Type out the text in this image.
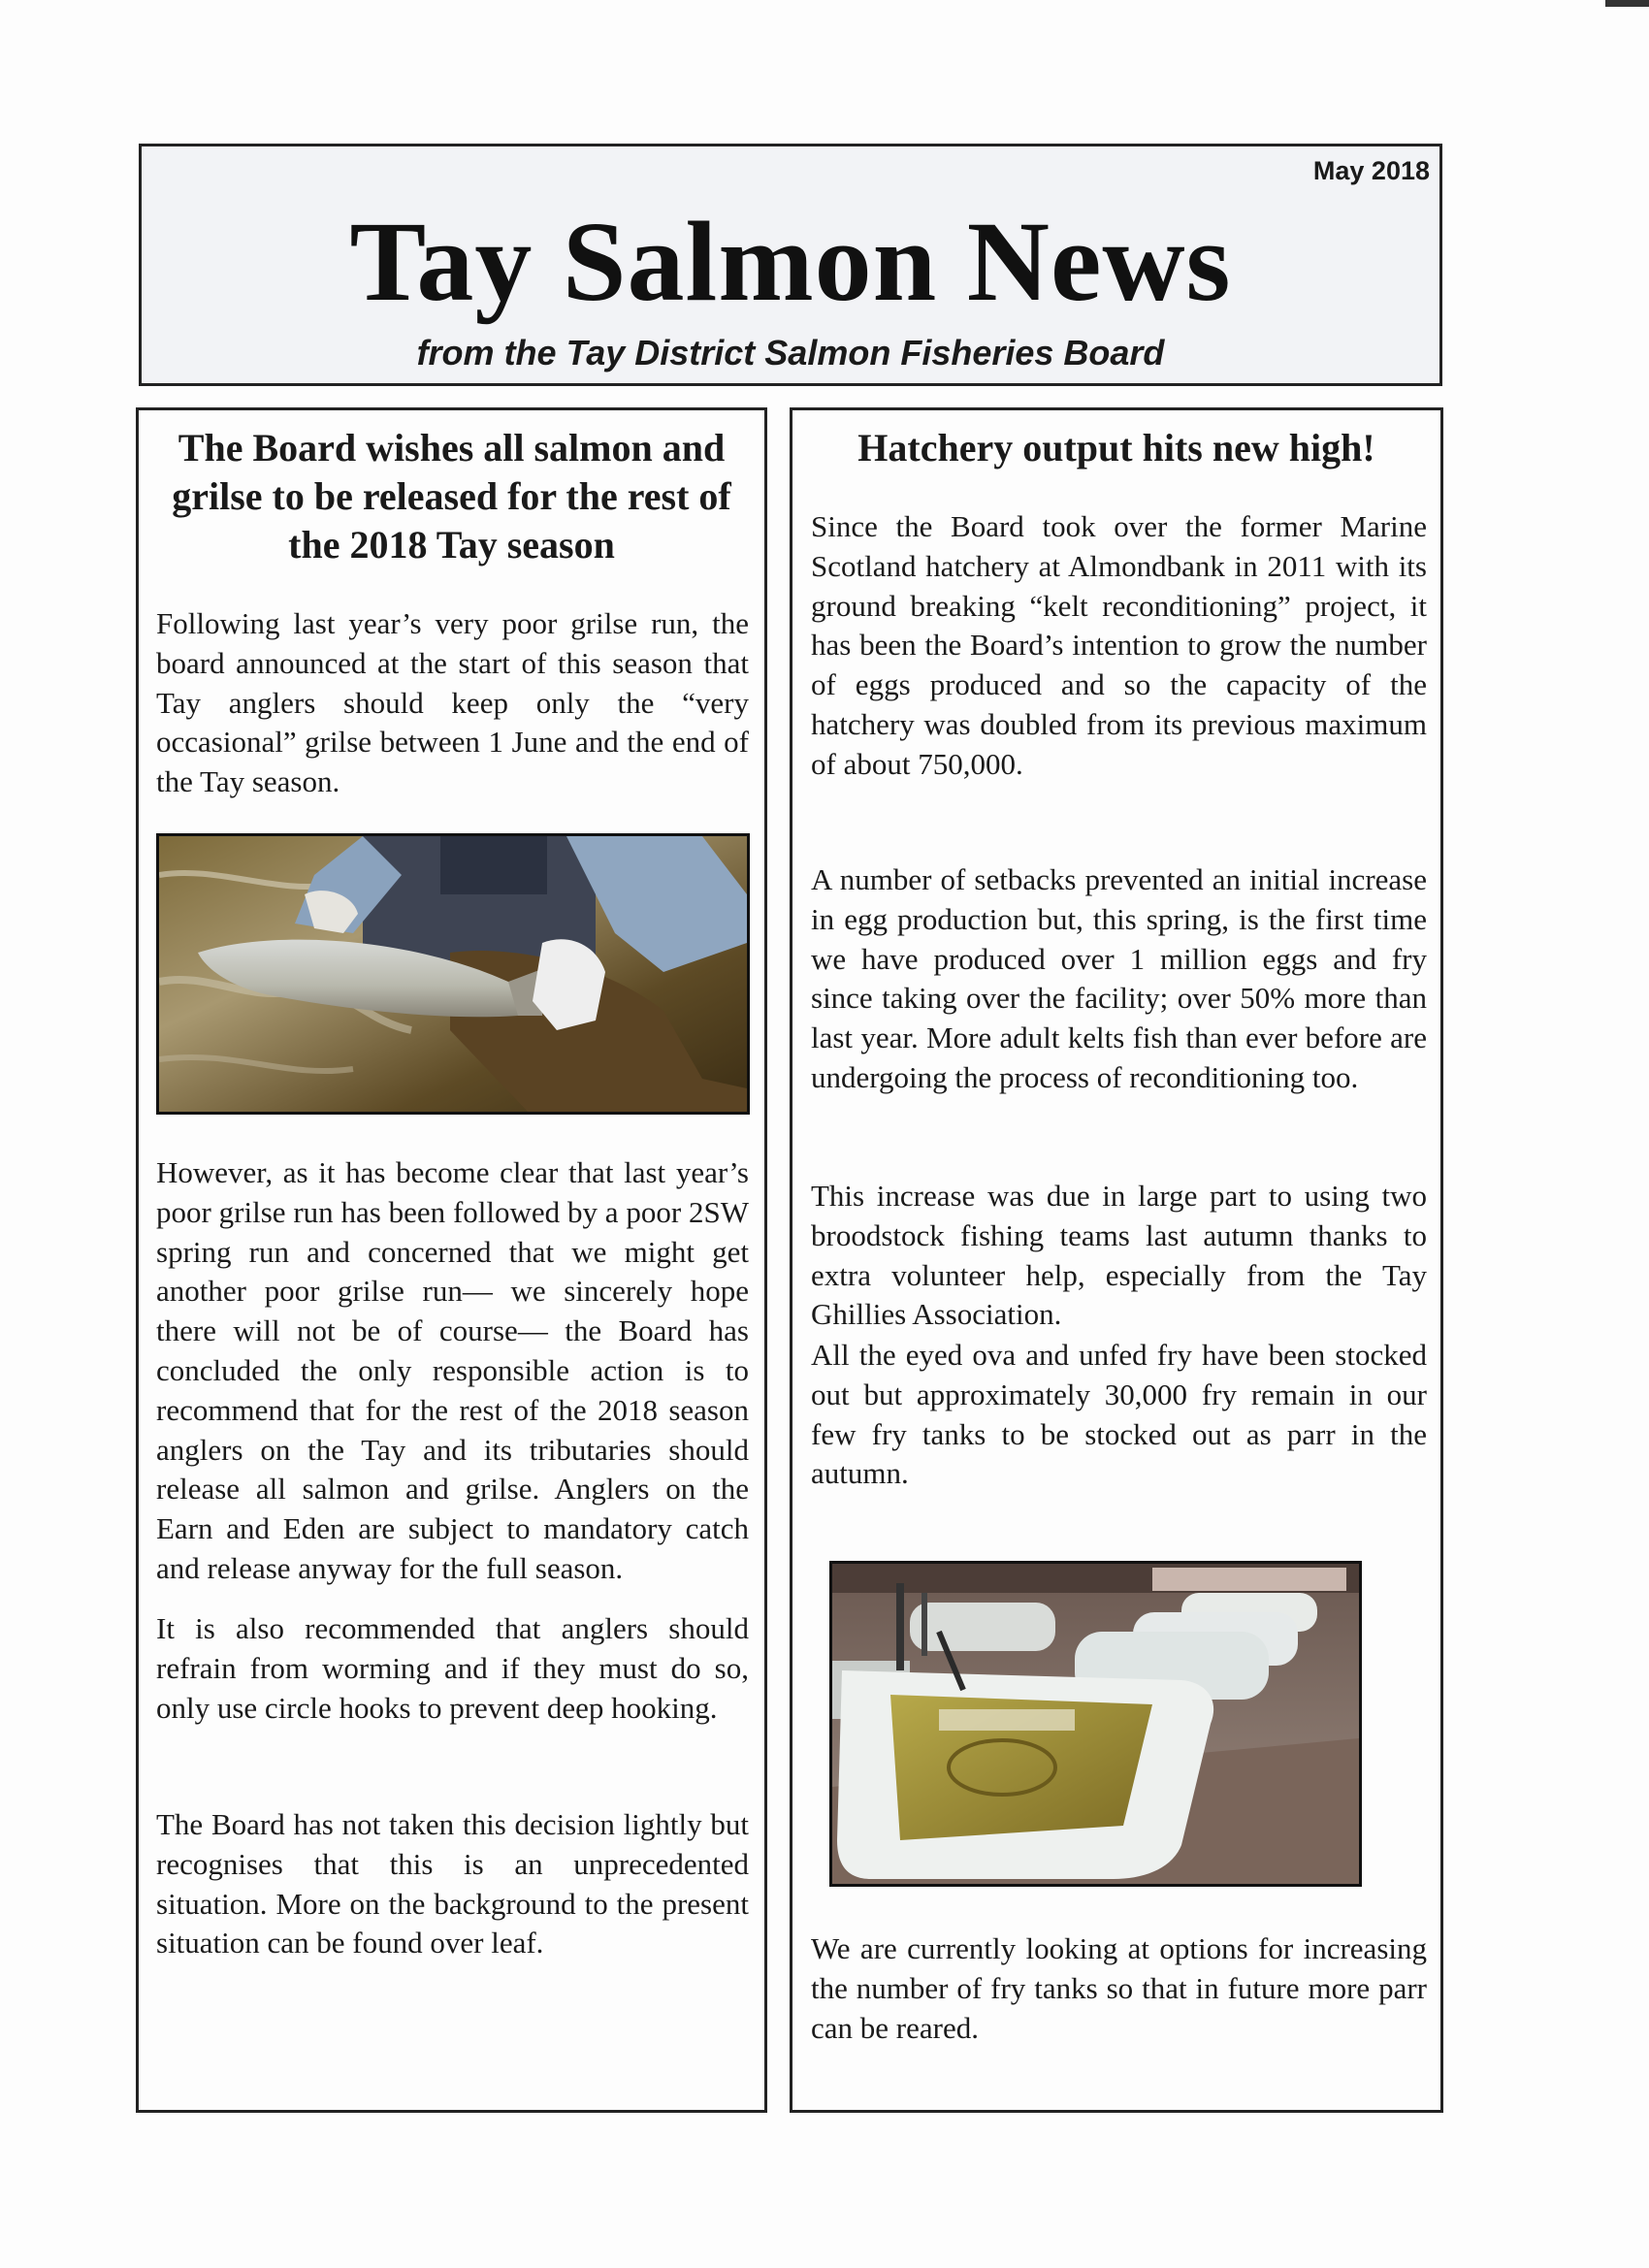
May 2018
Tay Salmon News
from the Tay District Salmon Fisheries Board
The Board wishes all salmon and grilse to be released for the rest of the 2018 Tay season

Following last year’s very poor grilse run, the board announced at the start of this season that Tay anglers should keep only the “very occasional” grilse between 1 June and the end of the Tay season.

However, as it has become clear that last year’s poor grilse run has been followed by a poor 2SW spring run and concerned that we might get another poor grilse run— we sincerely hope there will not be of course— the Board has concluded the only responsible action is to recommend that for the rest of the 2018 season anglers on the Tay and its tributaries should release all salmon and grilse. Anglers on the Earn and Eden are subject to mandatory catch and release anyway for the full season.

It is also recommended that anglers should refrain from worming and if they must do so, only use circle hooks to prevent deep hooking.

The Board has not taken this decision lightly but recognises that this is an unprecedented situation. More on the background to the present situation can be found over leaf.

Hatchery output hits new high!

Since the Board took over the former Marine Scotland hatchery at Almondbank in 2011 with its ground breaking “kelt reconditioning” project, it has been the Board’s intention to grow the number of eggs produced and so the capacity of the hatchery was doubled from its previous maximum of about 750,000.

A number of setbacks prevented an initial increase in egg production but, this spring, is the first time we have produced over 1 million eggs and fry since taking over the facility; over 50% more than last year. More adult kelts fish than ever before are undergoing the process of reconditioning too.

This increase was due in large part to using two broodstock fishing teams last autumn thanks to extra volunteer help, especially from the Tay Ghillies Association.

All the eyed ova and unfed fry have been stocked out but approximately 30,000 fry remain in our few fry tanks to be stocked out as parr in the autumn.

We are currently looking at options for increasing the number of fry tanks so that in future more parr can be reared.
